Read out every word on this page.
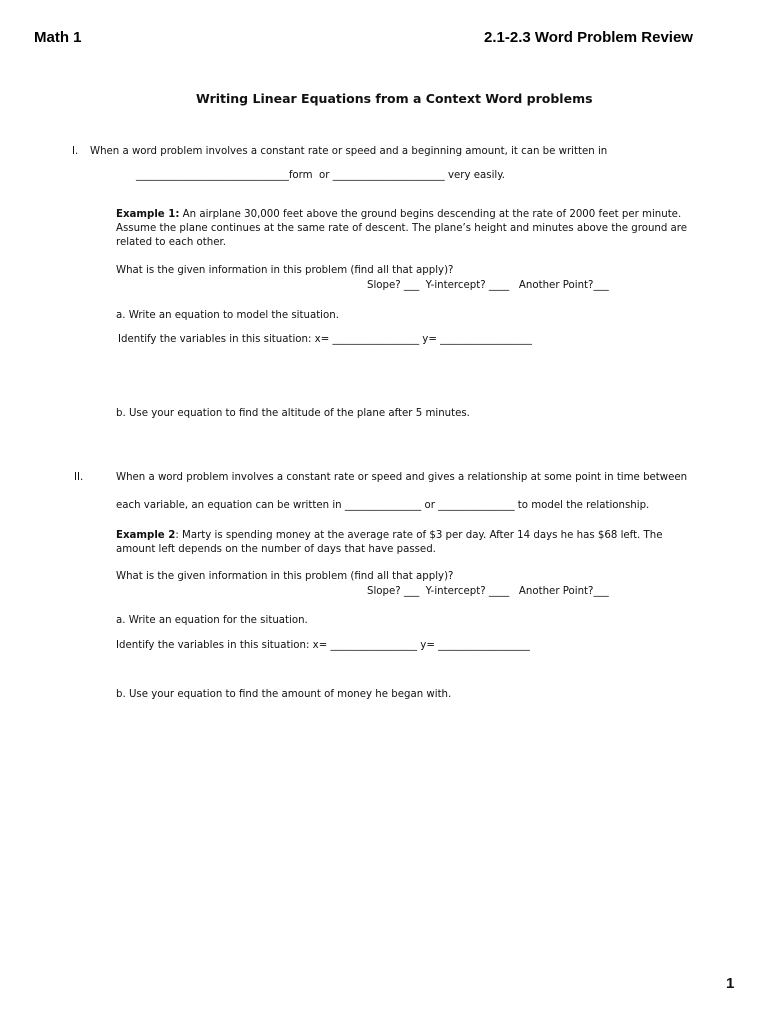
Math 1	2.1-2.3 Word Problem Review
Writing Linear Equations from a Context Word problems
I. When a word problem involves a constant rate or speed and a beginning amount, it can be written in
______________________________form  or ______________________ very easily.
Example 1: An airplane 30,000 feet above the ground begins descending at the rate of 2000 feet per minute. Assume the plane continues at the same rate of descent. The plane’s height and minutes above the ground are related to each other.
What is the given information in this problem (find all that apply)?
Slope? ___  Y-intercept? ____   Another Point?___
a. Write an equation to model the situation.
Identify the variables in this situation: x= _________________ y= __________________
b. Use your equation to find the altitude of the plane after 5 minutes.
II.	When a word problem involves a constant rate or speed and gives a relationship at some point in time between
each variable, an equation can be written in _______________ or _______________ to model the relationship.
Example 2: Marty is spending money at the average rate of $3 per day. After 14 days he has $68 left. The amount left depends on the number of days that have passed.
What is the given information in this problem (find all that apply)?
Slope? ___  Y-intercept? ____   Another Point?___
a. Write an equation for the situation.
Identify the variables in this situation: x= _________________ y= __________________
b. Use your equation to find the amount of money he began with.
1
